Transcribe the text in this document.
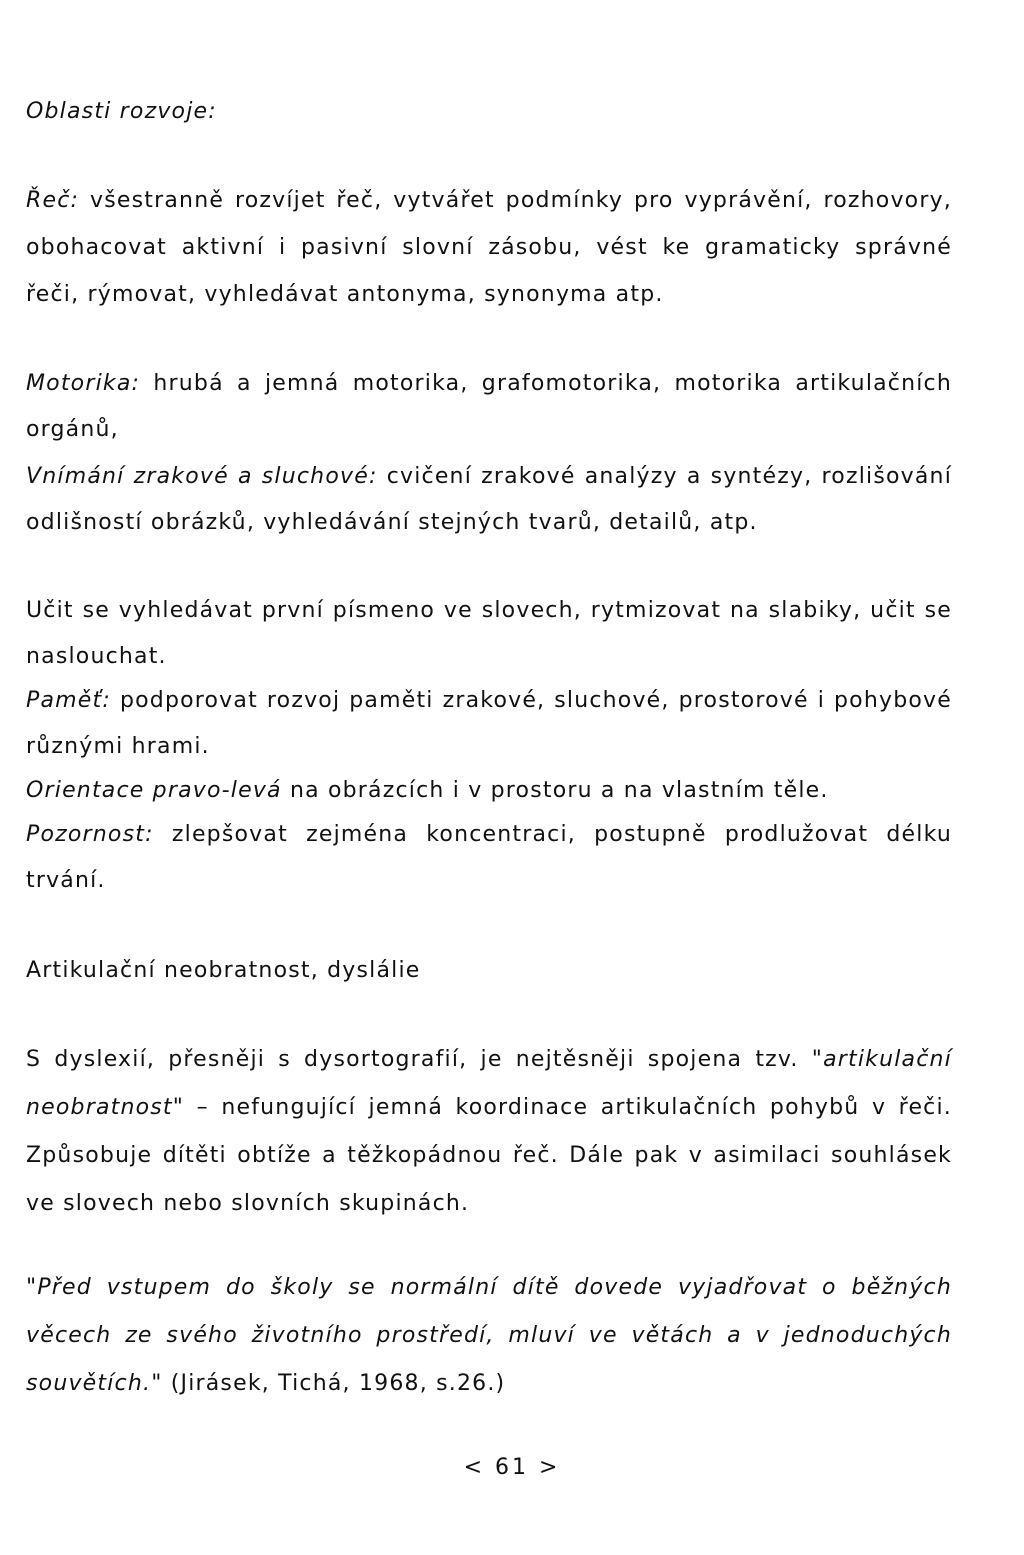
Oblasti rozvoje:

Řeč: všestranně rozvíjet řeč, vytvářet podmínky pro vyprávění, rozhovory, obohacovat aktivní i pasivní slovní zásobu, vést ke gramaticky správné řeči, rýmovat, vyhledávat antonyma, synonyma atp.

Motorika: hrubá a jemná motorika, grafomotorika, motorika artikulačních orgánů,

Vnímání zrakové a sluchové: cvičení zrakové analýzy a syntézy, rozlišování odlišností obrázků, vyhledávání stejných tvarů, detailů, atp.

Učit se vyhledávat první písmeno ve slovech, rytmizovat na slabiky, učit se naslouchat.

Paměť: podporovat rozvoj paměti zrakové, sluchové, prostorové i pohybové různými hrami.

Orientace pravo-levá na obrázcích i v prostoru a na vlastním těle.

Pozornost: zlepšovat zejména koncentraci, postupně prodlužovat délku trvání.

Artikulační neobratnost, dyslálie

S dyslexií, přesněji s dysortografií, je nejtěsněji spojena tzv. "artikulační neobratnost" – nefungující jemná koordinace artikulačních pohybů v řeči. Způsobuje dítěti obtíže a těžkopádnou řeč. Dále pak v asimilaci souhlásek ve slovech nebo slovních skupinách.

"Před vstupem do školy se normální dítě dovede vyjadřovat o běžných věcech ze svého životního prostředí, mluví ve větách a v jednoduchých souvětích." (Jirásek, Tichá, 1968, s.26.)

< 61 >
